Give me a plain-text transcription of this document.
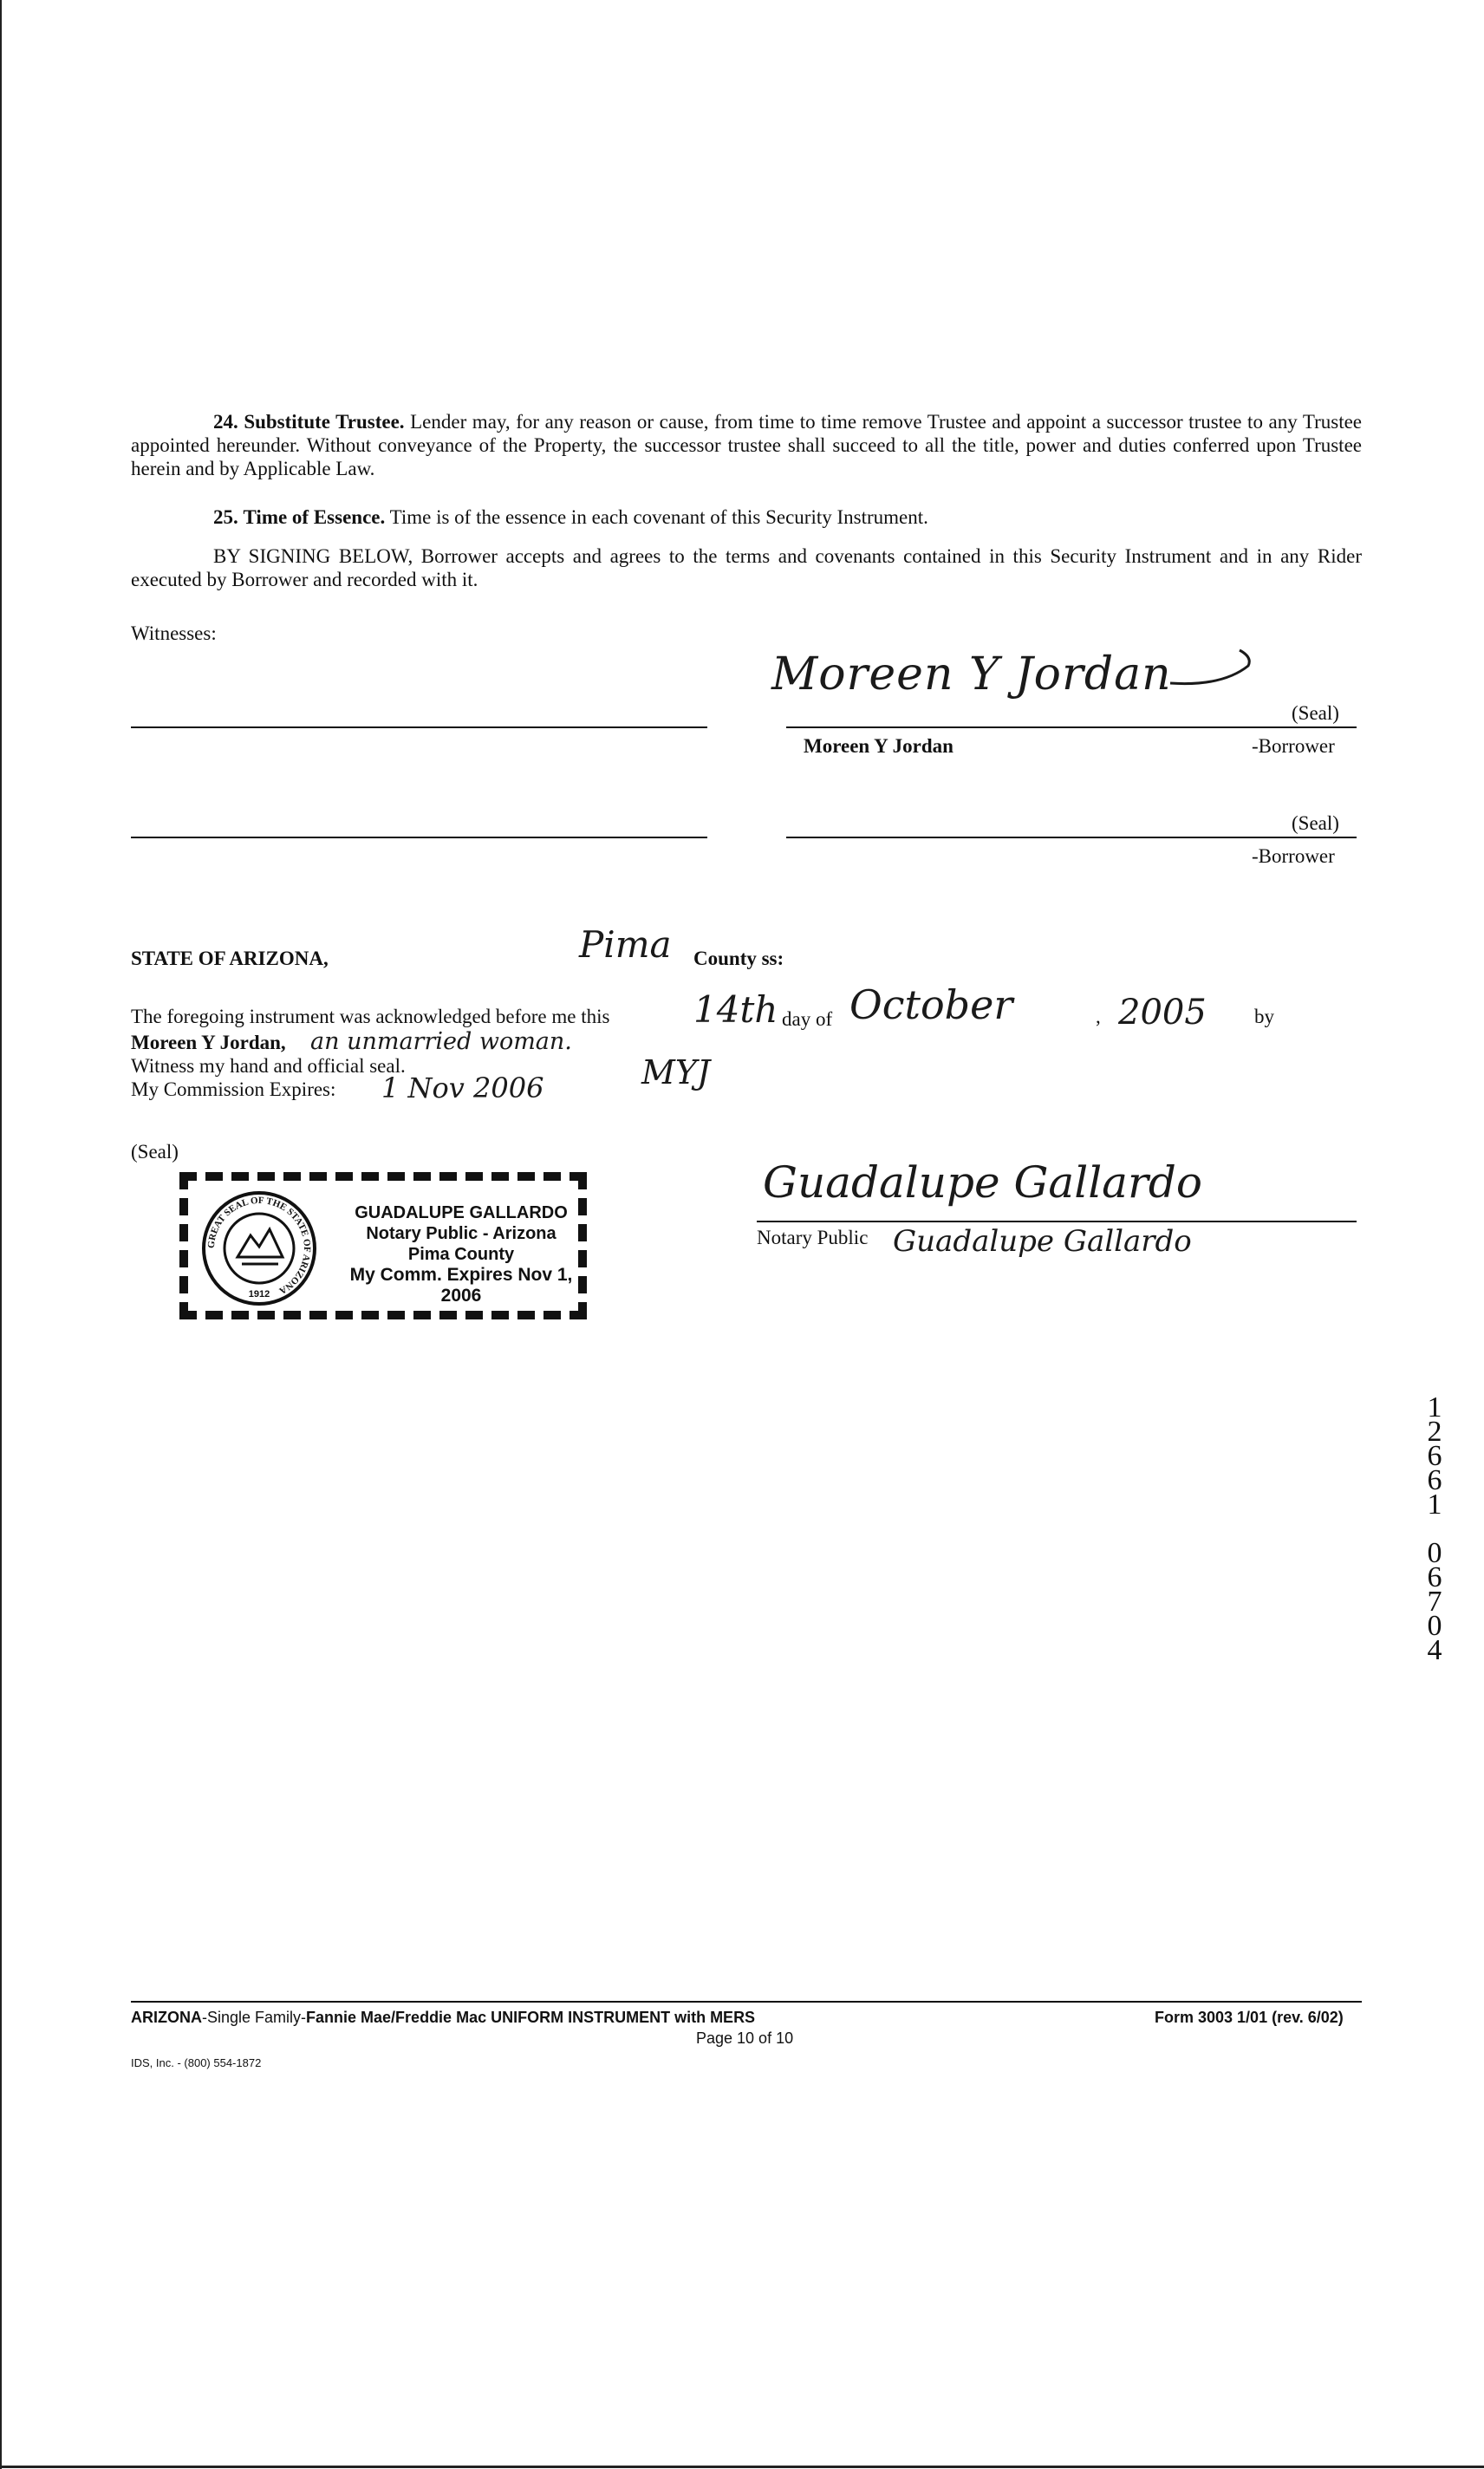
24. Substitute Trustee. Lender may, for any reason or cause, from time to time remove Trustee and appoint a successor trustee to any Trustee appointed hereunder. Without conveyance of the Property, the successor trustee shall succeed to all the title, power and duties conferred upon Trustee herein and by Applicable Law.
25. Time of Essence. Time is of the essence in each covenant of this Security Instrument.
BY SIGNING BELOW, Borrower accepts and agrees to the terms and covenants contained in this Security Instrument and in any Rider executed by Borrower and recorded with it.
Witnesses:
Moreen Y Jordan
(Seal)
Moreen Y Jordan	-Borrower
(Seal)
-Borrower
STATE OF ARIZONA,	Pima County ss:
The foregoing instrument was acknowledged before me this 14th day of October	, 2005 by
Moreen Y Jordan, an unmarried woman.
MYJ
Witness my hand and official seal.
My Commission Expires: 1 Nov 2006
(Seal)
GREAT SEAL OF THE STATE OF ARIZONA
1912
GUADALUPE GALLARDO
Notary Public - Arizona
Pima County
My Comm. Expires Nov 1, 2006
Guadalupe Gallardo
Notary Public Guadalupe Gallardo
1
2
6
6
1
0
6
7
0
4
ARIZONA-Single Family-Fannie Mae/Freddie Mac UNIFORM INSTRUMENT with MERS	Form 3003 1/01 (rev. 6/02)
Page 10 of 10
IDS, Inc. - (800) 554-1872
